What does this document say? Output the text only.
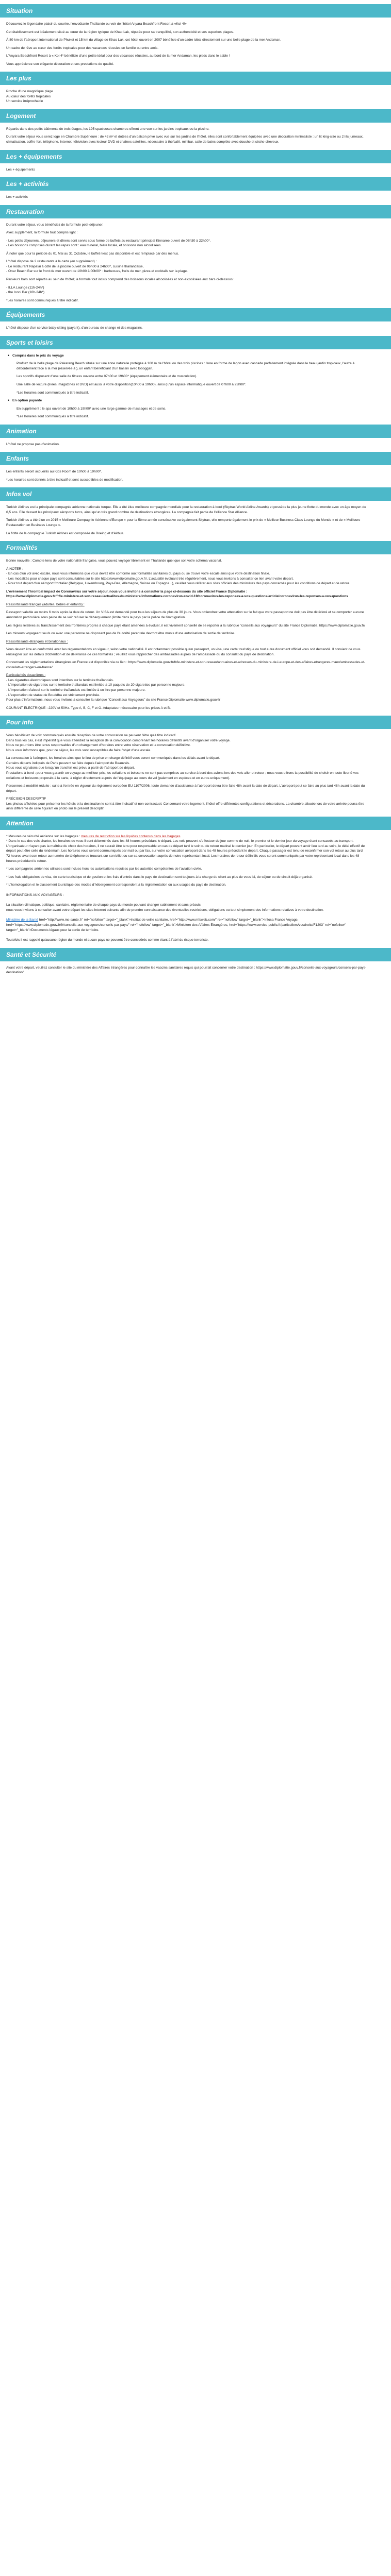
Situation

Découvrez le légendaire plaisir du sourire, l'envoûtante Thaïlande ou voir de l'hôtel Anyara Beachfront Resort à «Koi 4!»

Cet établissement est idéalement situé au cœur de la région typique de Khao Lak, réputée pour sa tranquillité, son authenticité et ses superbes plages.

À 80 km de l'aéroport international de Phuket et 15 km du village de Khao Lak, cet hôtel ouvert en 2007 bénéficie d'un cadre idéal directement sur une belle plage de la mer Andaman.

Un cadre de rêve au cœur des forêts tropicales pour des vacances réussies en famille ou entre amis.

L'Anyara Beachfront Resort à « Koi 4* bénéficie d'une petite idéal pour des vacances réussies, au bord de la mer Andaman, les pieds dans le sable !

Vous apprécierez son élégante décoration et ses prestations de qualité.

Les plus

Proche d'une magnifique plage

Au cœur des forêts tropicales

Un service irréprochable

Logement

Répartis dans des petits bâtiments de trois étages, les 195 spacieuses chambres offrent une vue sur les jardins tropicaux ou la piscine.

Durant votre séjour vous serez logé en Chambre Supérieure : de 42 m² et dotées d'un balcon privé avec vue sur les jardins de l'hôtel, elles sont confortablement équipées avec une décoration minimaliste : un lit king-size ou 2 lits jumeaux, climatisation, coffre-fort, téléphone, Internet, télévision avec lecteur DVD et chaînes satellites, nécessaire à thé/café, minibar, salle de bains complète avec douche et sèche-cheveux.

Les + équipements

Les + équipements

Les + activités

Les + activités

Restauration

Durant votre séjour, vous bénéficiez de la formule petit-déjeuner.

Avec supplément, la formule tout compris light :

- Les petits déjeuners, déjeuners et dîners sont servis sous forme de buffets au restaurant principal Kinnaree ouvert de 06h30 à 22h00*.

- Les boissons comprises durant les repas sont : eau mineral, bière locale, et boissons non alcoolisées.

À noter que pour la période du 01 Mai au 31 Octobre, le buffet n'est pas disponible et est remplacé par des menus.

L'hôtel dispose de 2 restaurants à la carte (en supplément) :

- Le restaurant Napalai à côté de la piscine ouvert de 06h00 à 24h00*, cuisine thaïlandaise,

- Onar Beach Bar sur le front de mer ouvert de 10h00 à 00h00* : barbecues, fruits de mer, pizza et cocktails sur la plage.

Plusieurs bars sont répartis au sein de l'hôtel; la formule tout inclus comprend des boissons locales alcoolisées et non-alcoolisées aux bars ci-dessous :

- ILLA Lounge (11h-24h*)

- the Iconi Bar (10h-24h*)

*Les horaires sont communiqués à titre indicatif.

Équipements

L'hôtel dispose d'un service baby-sitting (payant), d'un bureau de change et des magasins.

Sports et loisirs
• Compris dans le prix du voyage

Profitez de la belle plage de Pakarang Beach située sur une zone naturelle protégée à 100 m de l'hôtel ou des trois piscines : l'une en forme de lagon avec cascade parfaitement intégrée dans le beau jardin tropicaux, l'autre à débordement face à la mer (réservée à ), un enfant bénéficiant d'un bassin avec toboggan.

Les sportifs disposent d'une salle de fitness ouverte entre 07h00 et 19h00* (équipement élémentaire et de musculation).

Une salle de lecture (livres, magazines et DVD) est aussi à votre disposition(10h00 à 19h00), ainsi qu'un espace informatique ouvert de 07h00 à 23h00*.

*Les horaires sont communiqués à titre indicatif.

• En option payante

En supplément : le spa ouvert de 10h00 à 19h00* avec une large gamme de massages et de soins.

*Les horaires sont communiqués à titre indicatif.

Animation

L'hôtel ne propose pas d'animation.

Enfants

Les enfants seront accueillis au Kids Room de 10h00 à 19h00*.

*Les horaires sont donnés à titre indicatif et sont susceptibles de modification.

Infos vol

Turkish Airlines est la principale compagnie aérienne nationale turque. Elle a été élue meilleure compagnie mondiale pour la restauration à bord (Skytrax World Airline Awards) et possède la plus jeune flotte du monde avec un âge moyen de 6,5 ans. Elle dessert les principaux aéroports turcs, ainsi qu'un très grand nombre de destinations étrangères. La compagnie fait partie de l'alliance Star Alliance.

Turkish Airlines a été élue en 2015 « Meilleure Compagnie Aérienne d'Europe » pour la 5ème année consécutive ou également Skytrax, elle remporte également le prix de « Meilleur Business Class Lounge du Monde » et de « Meilleure Restauration en Business Lounge ».

La flotte de la compagnie Turkish Airlines est composée de Boeing et d'Airbus.

Formalités

Bonne nouvelle : Compte tenu de votre nationalité française, vous pouvez voyager librement en Thaïlande quel que soit votre schéma vaccinal.

À NOTER :

- En cas d'un vol avec escale, nous vous informons que vous devez être conforme aux formalités sanitaires du pays ou se trouve votre escale ainsi que votre destination finale.

- Les modalités pour chaque pays sont consultables sur le site https://www.diplomatie.gouv.fr/. L'actualité évoluant très régulièrement, nous vous invitons à consulter ce lien avant votre départ.

- Pour tout départ d'un aéroport frontalier (Belgique, Luxembourg, Pays-Bas, Allemagne, Suisse ou Espagne...), veuillez vous référer aux sites officiels des ministères des pays concernés pour les conditions de départ et de retour.

L'évènement Thrombal impact de Coronavirus sur votre séjour, nous vous invitons à consulter la page ci-dessous du site officiel France Diplomatie :

https://www.diplomatie.gouv.fr/fr/le-ministere-et-son-reseau/actualites-du-ministere/informations-coronavirus-covid-19/coronavirus-les-reponses-a-vos-questions/article/coronavirus-les-reponses-a-vos-questions

Ressortissants français (adultes, bébés et enfants) :

Passeport valable au moins 6 mois après la date de retour. Un VISA est demandé pour tous les séjours de plus de 30 jours. Vous obtiendrez votre attestation sur le fait que votre passeport ne doit pas être détérioré et se comporter aucune annotation particulière sous peine de se voir refuser le débarquement (limite dans le pays par la police de l'immigration.

Les règles relatives au franchissement des frontières propres à chaque pays étant amenées à évoluer, il est vivement conseillé de se reporter à la rubrique "conseils aux voyageurs" du site France Diplomatie. https://www.diplomatie.gouv.fr/

Les mineurs voyageant seuls ou avec une personne ne disposant pas de l'autorité parentale devront être munis d'une autorisation de sortie de territoire.

Ressortissants étrangers et binationaux :

Vous devrez être en conformité avec les réglementations en vigueur, selon votre nationalité. Il est notamment possible qu'un passeport, un visa, une carte touristique ou tout autre document officiel vous soit demandé. Il convient de vous renseigner sur les détails d'obtention et de délivrance de ces formalités ; veuillez vous rapprocher des ambassades auprès de l'ambassade ou du consulat du pays de destination.

Concernant les réglementations étrangères en France est disponible via ce lien : https://www.diplomatie.gouv.fr/fr/le-ministere-et-son-reseau/annuaires-et-adresses-du-ministere-de-l-europe-et-des-affaires-etrangeres-maeo/ambassades-et-consulats-etrangers-en-france/

Particularités douanières :

- Les cigarettes électroniques sont interdites sur le territoire thaïlandais.

- L'importation de cigarettes sur le territoire thaïlandais est limitée à 10 paquets de 20 cigarettes par personne majeure.

- L'importation d'alcool sur le territoire thaïlandais est limitée à un litre par personne majeure.

- L'exportation de statue de Bouddha est strictement prohibée.

Pour plus d'informations, nous vous invitons à consulter la rubrique "Conseil aux Voyageurs" du site France Diplomatie www.diplomatie.gouv.fr

COURANT ÉLECTRIQUE : 220V et 50Hz. Type A, B, C, F et O. Adaptateur nécessaire pour les prises A et B.

Pour info

Vous bénéficiez de voix communiqués ensuite réception de votre convocation ne peuvent l'être qu'à titre indicatif.

Dans tous les cas, il est impératif que vous attendiez la réception de la convocation comprenant les horaires définitifs avant d'organiser votre voyage.

Nous ne pourrions être tenus responsables d'un changement d'horaires entre votre réservation et la convocation définitive.

Nous vous informons que, pour ce séjour, les vols sont susceptibles de faire l'objet d'une escale.

La convocation à l'aéroport, les horaires ainsi que le lieu de prise en charge définitif vous seront communiqués dans les délais avant le départ.

Certains départs indiqués de Paris peuvent se faire depuis l'aéroport de Beauvais.

Nous vous signalons que lorsqu'un transfert est prévu à partir de l'aéroport de départ.

Prestations à bord : pour vous garantir un voyage au meilleur prix, les collations et boissons ne sont pas comprises au service à bord des avions lors des vols aller et retour ; nous vous offrons la possibilité de choisir en toute liberté vos collations et boissons proposés à la carte, à régler directement auprès de l'équipage au cours du vol (paiement en espèces et en euros uniquement).

Personnes à mobilité réduite : suite à l'entrée en vigueur du règlement européen EU 1107/2006, toute demande d'assistance à l'aéroport devra être faite 48h avant la date de départ. L'aéroport peut se faire au plus tard 48h avant la date du départ.

PRÉCISION DESCRIPTIF

Les photos affichées pour présenter les hôtels et la destination le sont à titre indicatif et non contractuel. Concernant votre logement, l'hôtel offre différentes configurations et décorations. La chambre allouée lors de votre arrivée pourra être ainsi différente de celle figurant en photo sur le présent descriptif.

Attention

* Mesures de sécurité aérienne sur les bagages : mesures de restriction sur les liquides contenus dans les bagages

* Dans le cas des vols charter, les horaires de vous il sont déterminés dans les 48 heures précédant le départ. Les vols peuvent s'effectuer de jour comme de nuit, le premier et le dernier jour du voyage étant consacrés au transport.

L'organisateur n'ayant pas la maîtrise du choix des horaires, il ne saurait être tenu pour responsable en cas de départ tard le soir ou de retour matinal le dernier jour. En particulier, le départ pouvant avoir lieu tard au soirs, le délai effectif de départ peut être celle du lendemain. Les horaires vous seront communiqués par mail ou par fax, sur votre convocation aéroport dans les 48 heures précédant le départ. Chaque passager est tenu de reconfirmer son vol retour au plus tard 72 heures avant son retour au numéro de téléphone se trouvant sur son billet ou sur sa convocation auprès de notre représentant local. Les horaires de retour définitifs vous seront communiqués par votre représentant local dans les 48 heures précédant le retour.

* Les compagnies aériennes utilisées sont inclues hors les autorisations requises par les autorités compétentes de l'aviation civile.

* Les frais obligatoires de visa, de carte touristique et de gestion et les frais d'entrée dans le pays de destination sont toujours à la charge du client au plus de vous ici, de séjour ou de circuit déjà organisé.

* L'homologation et le classement touristique des modes d'hébergement correspondent à la réglementation ou aux usages du pays de destination.

INFORMATIONS AUX VOYAGEURS :

La situation climatique, politique, sanitaire, réglementaire de chaque pays du monde pouvant changer subitement et sans préavis

nous vous invitons à consulter avant votre départ les sites Internet suivants afin de prendre connaissance des éventuelles restrictions, obligations ou tout simplement des informations relatives à votre destination.

Ministère de la Santé href="http://www.ms-sante.fr" rel="nofollow" target="_blank">Institut de veille sanitaire, href="http://www.mfsweb.com/" rel="nofollow" target="_blank">Infosa France Voyage, href="https://www.diplomatie.gouv.fr/fr/conseils-aux-voyageurs/conseils-par-pays/" rel="nofollow" target="_blank">Ministère des Affaires Étrangères, href="https://www.service-public.fr/particuliers/vosdroits/F1203" rel="nofollow" target="_blank">Documents légaux pour la sortie de territoire.

Toutefois il est rappelé qu'aucune région du monde ni aucun pays ne peuvent être considérés comme étant à l'abri du risque terroriste.

Santé et Sécurité

Avant votre départ, veuillez consulter le site du ministère des Affaires étrangères pour connaître les vaccins sanitaires requis qui pourrait concerner votre destination : https://www.diplomatie.gouv.fr/conseils-aux-voyageurs/conseils-par-pays-destination/
